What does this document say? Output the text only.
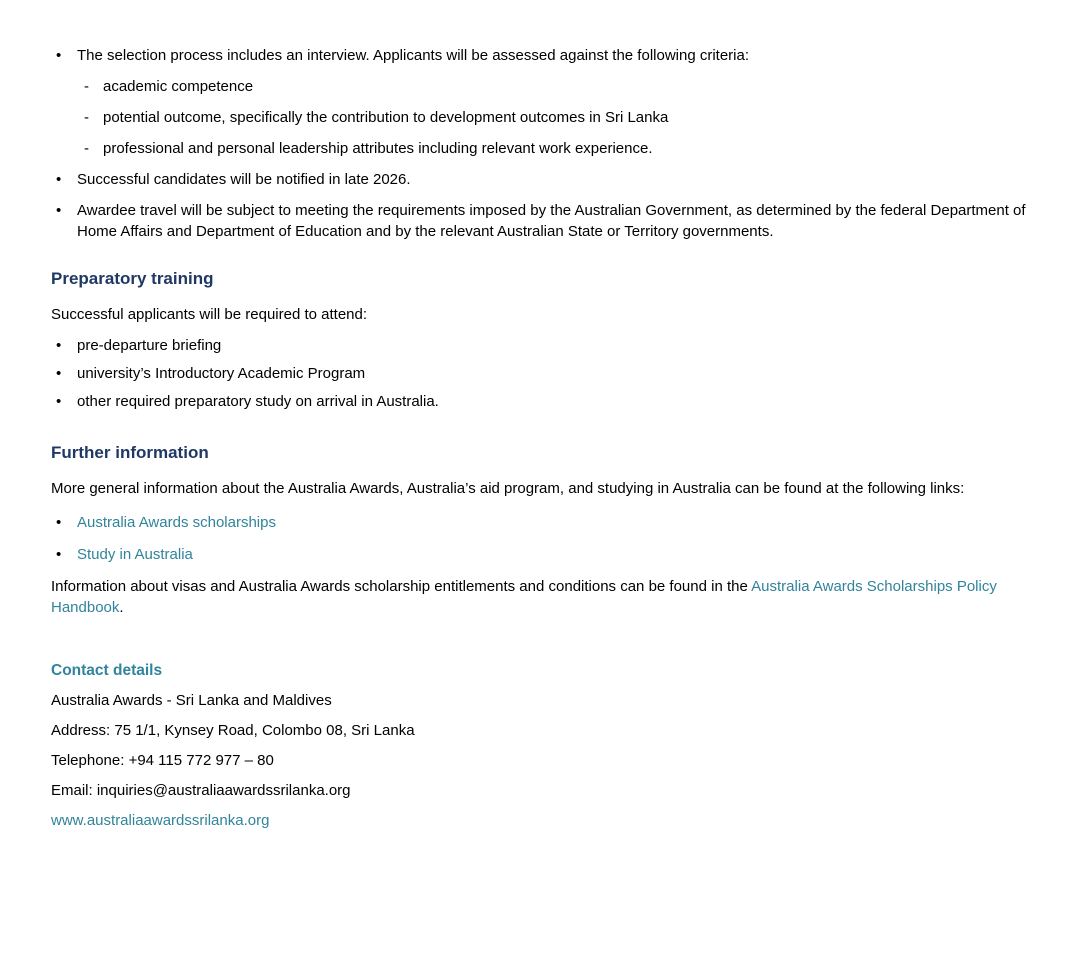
•	The selection process includes an interview. Applicants will be assessed against the following criteria:
- academic competence
- potential outcome, specifically the contribution to development outcomes in Sri Lanka
- professional and personal leadership attributes including relevant work experience.
•	Successful candidates will be notified in late 2026.
•	Awardee travel will be subject to meeting the requirements imposed by the Australian Government, as determined by the federal Department of Home Affairs and Department of Education and by the relevant Australian State or Territory governments.
Preparatory training

Successful applicants will be required to attend:

•	pre-departure briefing
•	university’s Introductory Academic Program
•	other required preparatory study on arrival in Australia.
Further information

More general information about the Australia Awards, Australia’s aid program, and studying in Australia can be found at the following links:

•	Australia Awards scholarships
•	Study in Australia

Information about visas and Australia Awards scholarship entitlements and conditions can be found in the Australia Awards Scholarships Policy Handbook.

Contact details

Australia Awards - Sri Lanka and Maldives

Address: 75 1/1, Kynsey Road, Colombo 08, Sri Lanka

Telephone: +94 115 772 977 – 80

Email: inquiries@australiaawardssrilanka.org

www.australiaawardssrilanka.org
